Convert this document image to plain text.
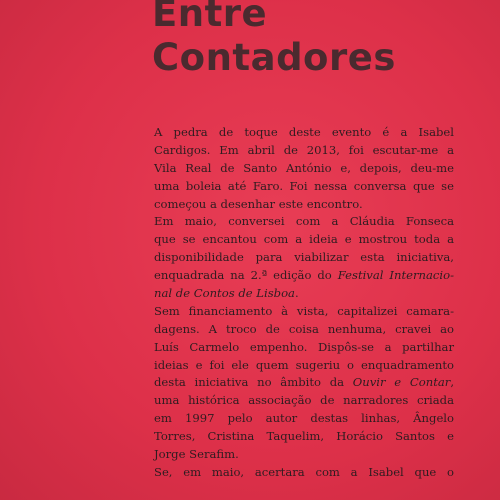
Entre
Contadores
A pedra de toque deste evento é a Isabel
Cardigos. Em abril de 2013, foi escutar-me a
Vila Real de Santo António e, depois, deu-me
uma boleia até Faro. Foi nessa conversa que se
começou a desenhar este encontro.
Em maio, conversei com a Cláudia Fonseca
que se encantou com a ideia e mostrou toda a
disponibilidade para viabilizar esta iniciativa,
enquadrada na 2.ª edição do Festival Internacio-
nal de Contos de Lisboa.
Sem financiamento à vista, capitalizei camara-
dagens. A troco de coisa nenhuma, cravei ao
Luís Carmelo empenho. Dispôs-se a partilhar
ideias e foi ele quem sugeriu o enquadramento
desta iniciativa no âmbito da Ouvir e Contar,
uma histórica associação de narradores criada
em 1997 pelo autor destas linhas, Ângelo
Torres, Cristina Taquelim, Horácio Santos e
Jorge Serafim.
Se, em maio, acertara com a Isabel que o
